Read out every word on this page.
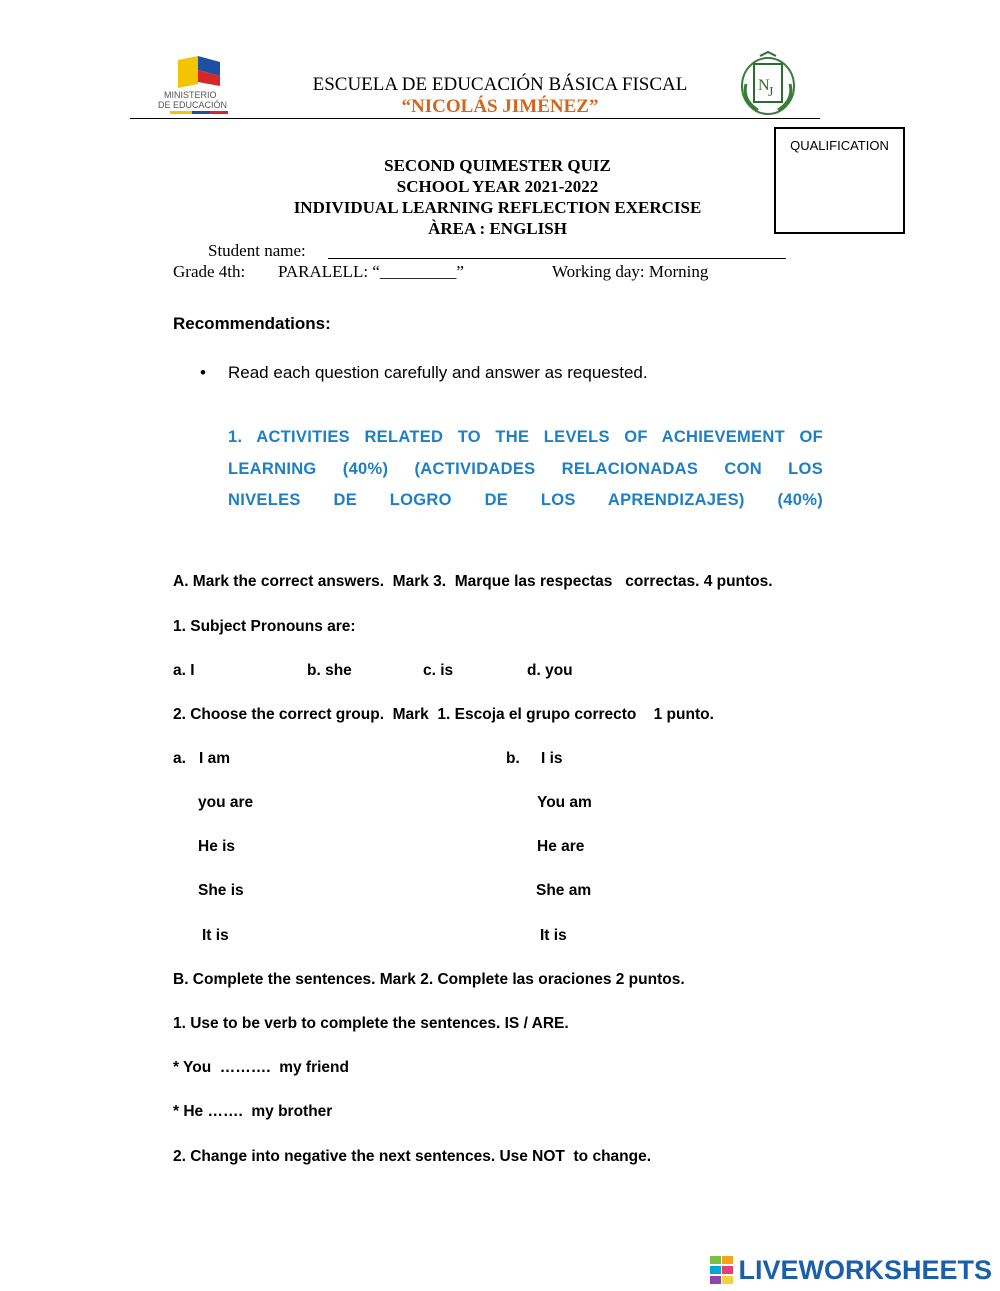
MINISTERIO
DE EDUCACIÓN
ESCUELA DE EDUCACIÓN BÁSICA FISCAL
“NICOLÁS JIMÉNEZ”
N
J
QUALIFICATION
SECOND QUIMESTER QUIZ
SCHOOL YEAR 2021-2022
INDIVIDUAL LEARNING REFLECTION EXERCISE
ÀREA : ENGLISH
Student name:
Grade 4th: PARALELL: “_________”	Working day: Morning
Recommendations:
• Read each question carefully and answer as requested.
1. ACTIVITIES RELATED TO THE LEVELS OF ACHIEVEMENT OF
LEARNING (40%) (ACTIVIDADES RELACIONADAS CON LOS
NIVELES DE LOGRO DE LOS APRENDIZAJES) (40%)
A. Mark the correct answers.  Mark 3.  Marque las respectas   correctas. 4 puntos.
1. Subject Pronouns are:
a. I	b. she	c. is	d. you
2. Choose the correct group.  Mark  1. Escoja el grupo correcto    1 punto.
a. I am
you are
He is
She is
It is
b. I is
You am
He are
She am
It is
B. Complete the sentences. Mark 2. Complete las oraciones 2 puntos.
1. Use to be verb to complete the sentences. IS / ARE.
* You  ……….  my friend
* He …….  my brother
2. Change into negative the next sentences. Use NOT  to change.
LIVEWORKSHEETS
